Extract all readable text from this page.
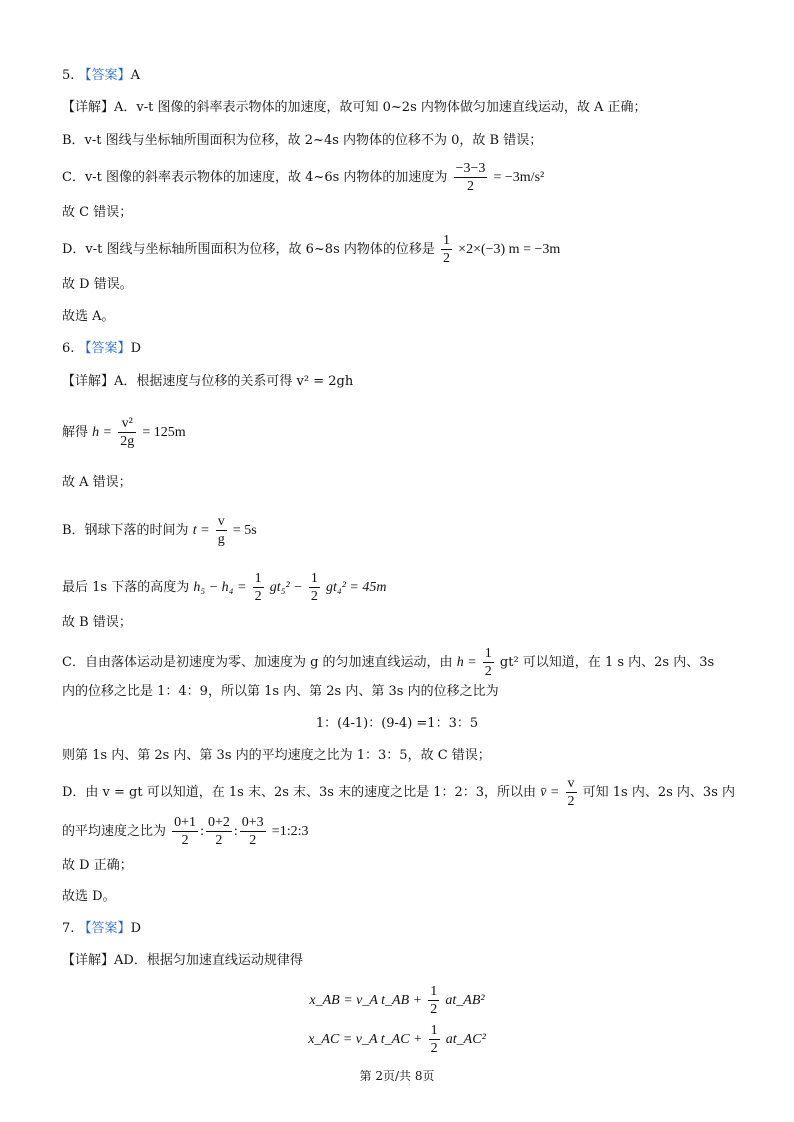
5. 【答案】A
【详解】A．v-t 图像的斜率表示物体的加速度，故可知 0~2s 内物体做匀加速直线运动，故 A 正确；
B．v-t 图线与坐标轴所围面积为位移，故 2~4s 内物体的位移不为 0，故 B 错误；
C．v-t 图像的斜率表示物体的加速度，故 4~6s 内物体的加速度为 $\frac{-3-3}{2} = -3m/s^2$
故 C 错误；
D．v-t 图线与坐标轴所围面积为位移，故 6~8s 内物体的位移是 $\frac{1}{2} \times 2\times(-3) m = -3m$
故 D 错误。
故选 A。
6. 【答案】D
【详解】A．根据速度与位移的关系可得 v² = 2gh
解得 $h = \frac{\text{v²}}{2g} = 125m$
故 A 错误；
B．钢球下落的时间为 $t = \frac{v}{g} = 5s$
最后 1s 下落的高度为 $h_5 - h_4 = \frac{1}{2} gt_5^2 - \frac{1}{2} gt_4^2 = 45m$
故 B 错误；
C．自由落体运动是初速度为零、加速度为 g 的匀加速直线运动，由 $h = \frac{1}{2} gt^2$ 可以知道，在 1 s 内、2s 内、3s
内的位移之比是 1：4：9，所以第 1s 内、第 2s 内、第 3s 内的位移之比为
1：(4-1)：(9-4) =1：3：5
则第 1s 内、第 2s 内、第 3s 内的平均速度之比为 1：3：5，故 C 错误；
D．由 v = gt 可以知道，在 1s 末、2s 末、3s 末的速度之比是 1：2：3，所以由 v̄ = $\frac{v}{2}$ 可知 1s 内、2s 内、3s 内
的平均速度之比为 $\frac{0+1}{2}$ : $\frac{0+2}{2}$ : $\frac{0+3}{2}$ =1:2:3
故 D 正确；
故选 D。
7. 【答案】D
【详解】AD．根据匀加速直线运动规律得
x_AB = v_A t_AB + $\frac{1}{2}$ at_AB²
x_AC = v_A t_AC + $\frac{1}{2}$ at_AC²
第 2页/共 8页
